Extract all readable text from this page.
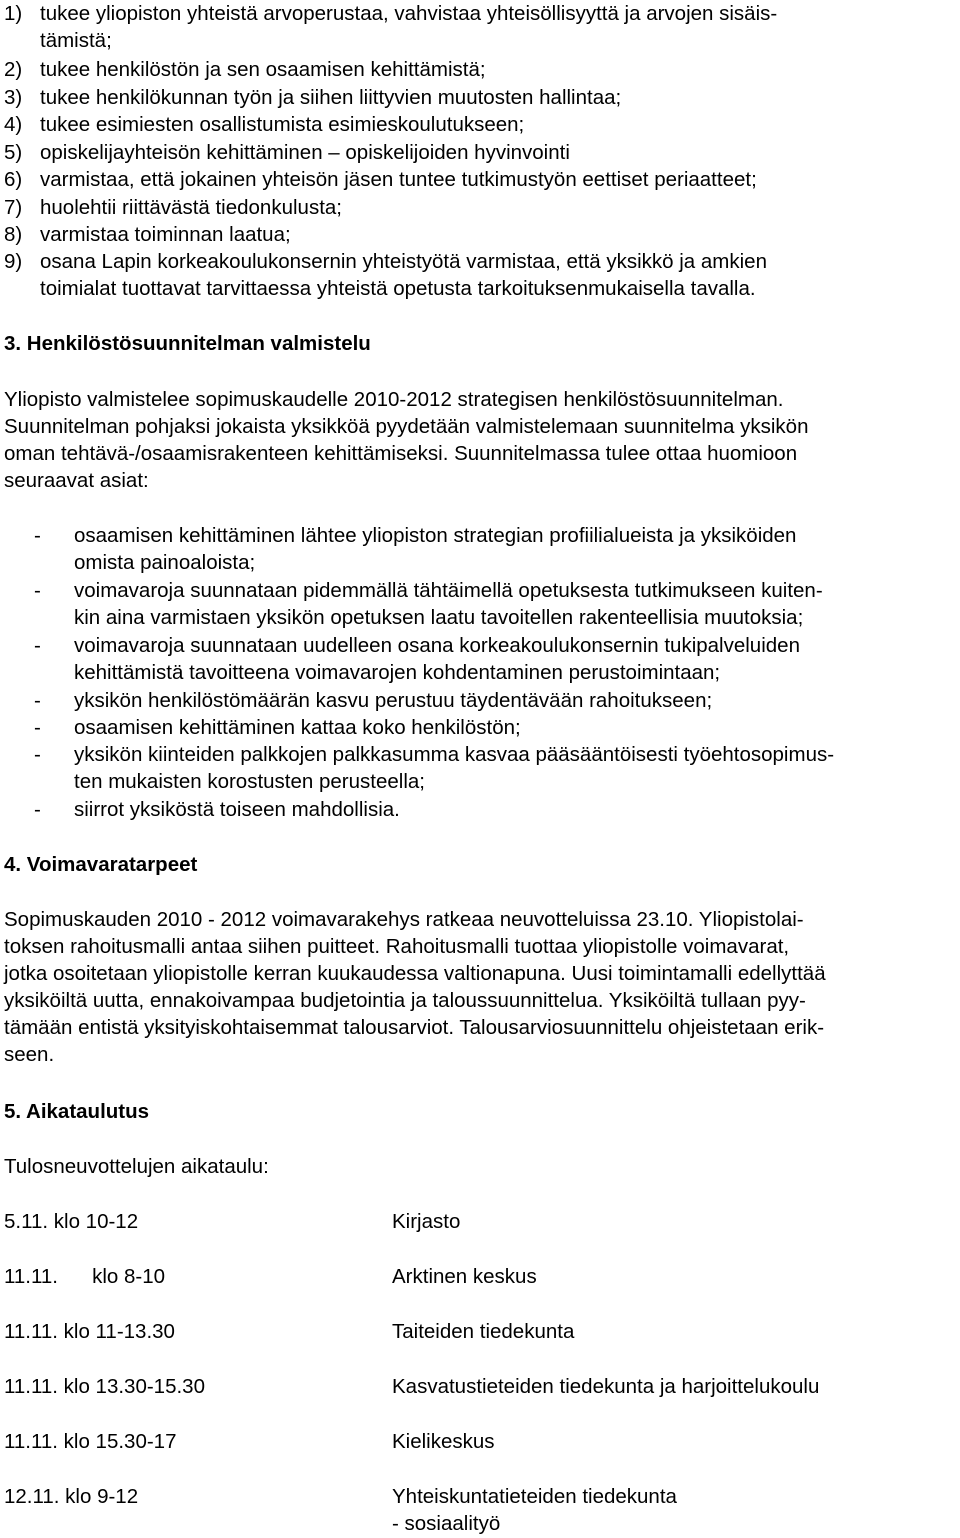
1) tukee yliopiston yhteistä arvoperustaa, vahvistaa yhteisöllisyyttä ja arvojen sisäis-
tämistä;
2) tukee henkilöstön ja sen osaamisen kehittämistä;
3) tukee henkilökunnan työn ja siihen liittyvien muutosten hallintaa;
4) tukee esimiesten osallistumista esimieskoulutukseen;
5) opiskelijayhteisön kehittäminen – opiskelijoiden hyvinvointi
6) varmistaa, että jokainen yhteisön jäsen tuntee tutkimustyön eettiset periaatteet;
7) huolehtii riittävästä tiedonkulusta;
8) varmistaa toiminnan laatua;
9) osana Lapin korkeakoulukonsernin yhteistyötä varmistaa, että yksikkö ja amkien
toimialat tuottavat tarvittaessa yhteistä opetusta tarkoituksenmukaisella tavalla.
3. Henkilöstösuunnitelman valmistelu
Yliopisto valmistelee sopimuskaudelle 2010-2012 strategisen henkilöstösuunnitelman.
Suunnitelman pohjaksi jokaista yksikköä pyydetään valmistelemaan suunnitelma yksikön
oman tehtävä-/osaamisrakenteen kehittämiseksi. Suunnitelmassa tulee ottaa huomioon
seuraavat asiat:
- osaamisen kehittäminen lähtee yliopiston strategian profiilialueista ja yksiköiden
omista painoaloista;
- voimavaroja suunnataan pidemmällä tähtäimellä opetuksesta tutkimukseen kuiten-
kin aina varmistaen yksikön opetuksen laatu tavoitellen rakenteellisia muutoksia;
- voimavaroja suunnataan uudelleen osana korkeakoulukonsernin tukipalveluiden
kehittämistä tavoitteena voimavarojen kohdentaminen perustoimintaan;
- yksikön henkilöstömäärän kasvu perustuu täydentävään rahoitukseen;
- osaamisen kehittäminen kattaa koko henkilöstön;
- yksikön kiinteiden palkkojen palkkasumma kasvaa pääsääntöisesti työehtosopimus-
ten mukaisten korostusten perusteella;
- siirrot yksiköstä toiseen mahdollisia.
4. Voimavaratarpeet
Sopimuskauden 2010 - 2012 voimavarakehys ratkeaa neuvotteluissa 23.10. Yliopistolai-
toksen rahoitusmalli antaa siihen puitteet. Rahoitusmalli tuottaa yliopistolle voimavarat,
jotka osoitetaan yliopistolle kerran kuukaudessa valtionapuna. Uusi toimintamalli edellyttää
yksiköiltä uutta, ennakoivampaa budjetointia ja taloussuunnittelua. Yksiköiltä tullaan pyy-
tämään entistä yksityiskohtaisemmat talousarviot. Talousarviosuunnittelu ohjeistetaan erik-
seen.
5. Aikataulutus
Tulosneuvottelujen aikataulu:
5.11. klo 10-12	Kirjasto
11.11.      klo 8-10	Arktinen keskus
11.11. klo 11-13.30	Taiteiden tiedekunta
11.11. klo 13.30-15.30	Kasvatustieteiden tiedekunta ja harjoittelukoulu
11.11. klo 15.30-17	Kielikeskus
12.11. klo 9-12	Yhteiskuntatieteiden tiedekunta
- sosiaalityö
